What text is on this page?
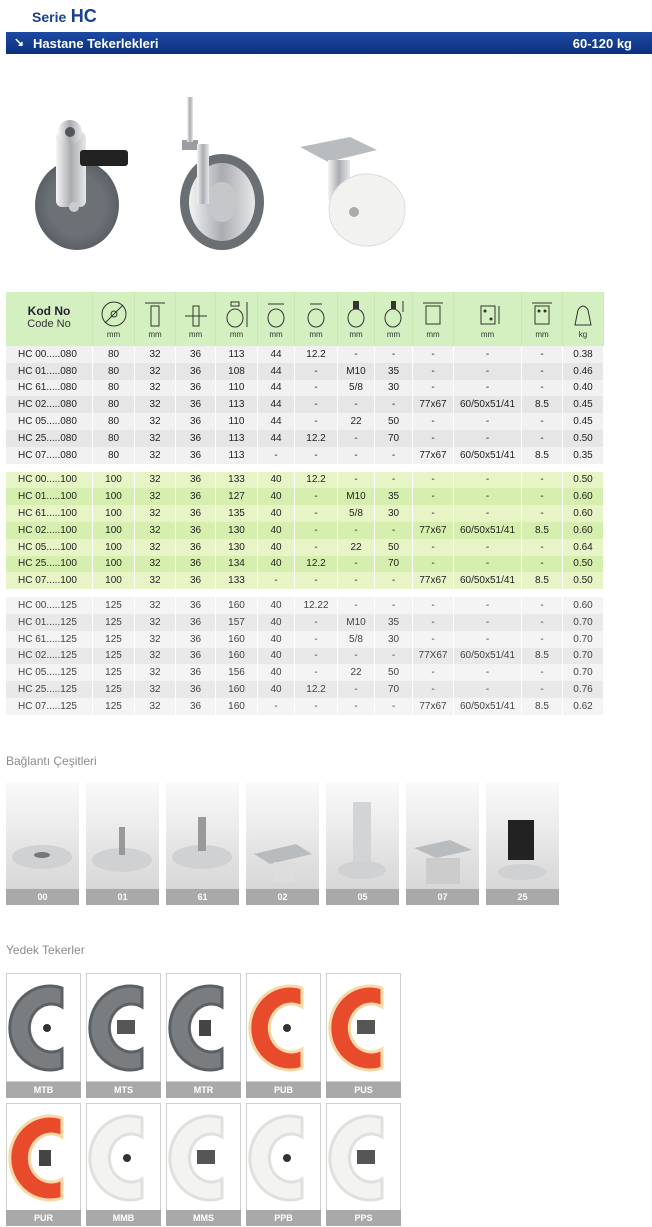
Serie HC
↘ Hastane Tekerlekleri	60-120 kg
Kod No
Code No	mm	mm	mm	mm	mm	mm	mm	mm	mm	mm	mm	kg

HC 00.....080	80	32	36	113	44	12.2	-	-	-	-	-	0.38
HC 01.....080	80	32	36	108	44	-	M10	35	-	-	-	0.46
HC 61.....080	80	32	36	110	44	-	5/8	30	-	-	-	0.40
HC 02.....080	80	32	36	113	44	-	-	-	77x67	60/50x51/41	8.5	0.45
HC 05.....080	80	32	36	110	44	-	22	50	-	-	-	0.45
HC 25.....080	80	32	36	113	44	12.2	-	70	-	-	-	0.50
HC 07.....080	80	32	36	113	-	-	-	-	77x67	60/50x51/41	8.5	0.35

HC 00.....100	100	32	36	133	40	12.2	-	-	-	-	-	0.50
HC 01.....100	100	32	36	127	40	-	M10	35	-	-	-	0.60
HC 61.....100	100	32	36	135	40	-	5/8	30	-	-	-	0.60
HC 02.....100	100	32	36	130	40	-	-	-	77x67	60/50x51/41	8.5	0.60
HC 05.....100	100	32	36	130	40	-	22	50	-	-	-	0.64
HC 25.....100	100	32	36	134	40	12.2	-	70	-	-	-	0.50
HC 07.....100	100	32	36	133	-	-	-	-	77x67	60/50x51/41	8.5	0.50

HC 00.....125	125	32	36	160	40	12.22	-	-	-	-	-	0.60
HC 01.....125	125	32	36	157	40	-	M10	35	-	-	-	0.70
HC 61.....125	125	32	36	160	40	-	5/8	30	-	-	-	0.70
HC 02.....125	125	32	36	160	40	-	-	-	77X67	60/50x51/41	8.5	0.70
HC 05.....125	125	32	36	156	40	-	22	50	-	-	-	0.70
HC 25.....125	125	32	36	160	40	12.2	-	70	-	-	-	0.76
HC 07.....125	125	32	36	160	-	-	-	-	77x67	60/50x51/41	8.5	0.62
Bağlantı Çeşitleri
00	01	61	02	05	07	25
Yedek Tekerler
MTB	MTS	MTR	PUB	PUS
PUR	MMB	MMS	PPB	PPS
